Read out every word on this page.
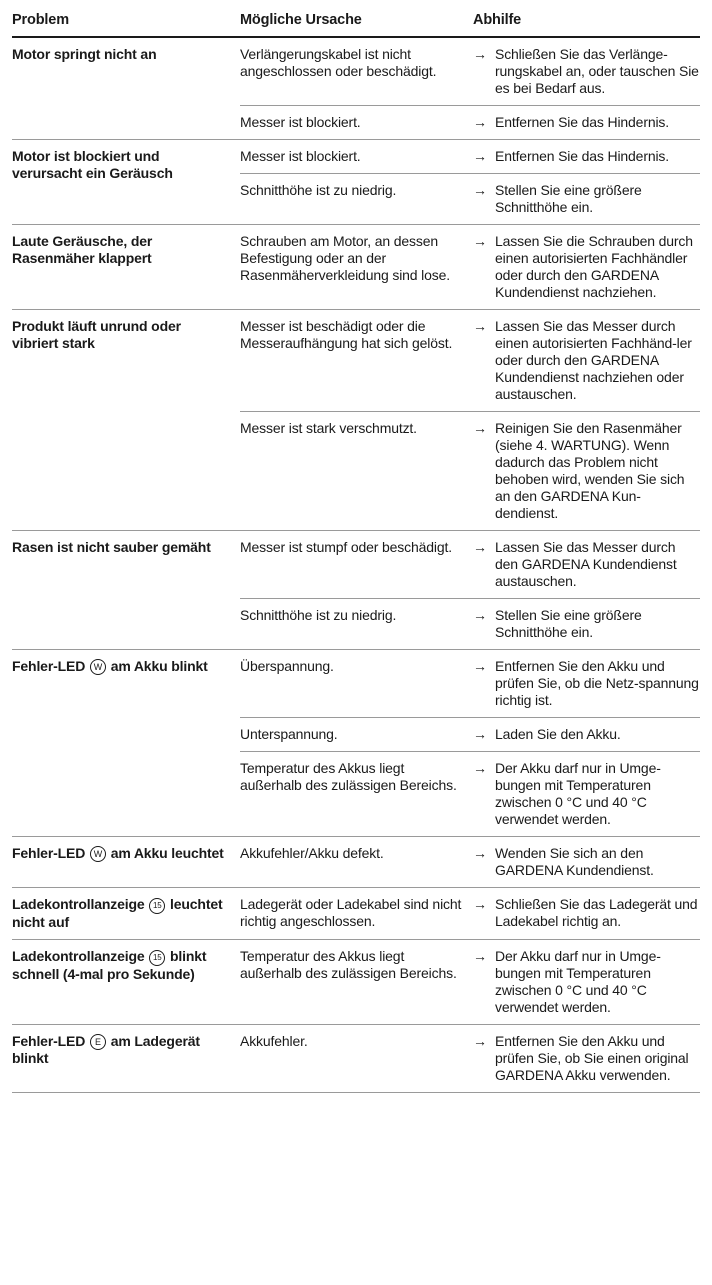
Problem	Mögliche Ursache	Abhilfe
Motor springt nicht an	Verlängerungskabel ist nicht angeschlossen oder beschädigt.	→ Schließen Sie das Verlänge-rungskabel an, oder tauschen Sie es bei Bedarf aus.
	Messer ist blockiert.	→ Entfernen Sie das Hindernis.
Motor ist blockiert und verursacht ein Geräusch	Messer ist blockiert.	→ Entfernen Sie das Hindernis.
	Schnitthöhe ist zu niedrig.	→ Stellen Sie eine größere Schnitthöhe ein.
Laute Geräusche, der Rasenmäher klappert	Schrauben am Motor, an dessen Befestigung oder an der Rasenmäherverkleidung sind lose.	→ Lassen Sie die Schrauben durch einen autorisierten Fachhändler oder durch den GARDENA Kundendienst nachziehen.
Produkt läuft unrund oder vibriert stark	Messer ist beschädigt oder die Messeraufhängung hat sich gelöst.	→ Lassen Sie das Messer durch einen autorisierten Fachhänd-ler oder durch den GARDENA Kundendienst nachziehen oder austauschen.
	Messer ist stark verschmutzt.	→ Reinigen Sie den Rasenmäher (siehe 4. WARTUNG). Wenn dadurch das Problem nicht behoben wird, wenden Sie sich an den GARDENA Kun-dendienst.
Rasen ist nicht sauber gemäht	Messer ist stumpf oder beschädigt.	→ Lassen Sie das Messer durch den GARDENA Kundendienst austauschen.
	Schnitthöhe ist zu niedrig.	→ Stellen Sie eine größere Schnitthöhe ein.
Fehler-LED W am Akku blinkt	Überspannung.	→ Entfernen Sie den Akku und prüfen Sie, ob die Netz-spannung richtig ist.
	Unterspannung.	→ Laden Sie den Akku.
	Temperatur des Akkus liegt außerhalb des zulässigen Bereichs.	→ Der Akku darf nur in Umge-bungen mit Temperaturen zwischen 0 °C und 40 °C verwendet werden.
Fehler-LED W am Akku leuchtet	Akkufehler/Akku defekt.	→ Wenden Sie sich an den GARDENA Kundendienst.
Ladekontrollanzeige 15 leuchtet nicht auf	Ladegerät oder Ladekabel sind nicht richtig angeschlossen.	→ Schließen Sie das Ladegerät und Ladekabel richtig an.
Ladekontrollanzeige 15 blinkt schnell (4-mal pro Sekunde)	Temperatur des Akkus liegt außerhalb des zulässigen Bereichs.	→ Der Akku darf nur in Umge-bungen mit Temperaturen zwischen 0 °C und 40 °C verwendet werden.
Fehler-LED E am Ladegerät blinkt	Akkufehler.	→ Entfernen Sie den Akku und prüfen Sie, ob Sie einen original GARDENA Akku verwenden.
